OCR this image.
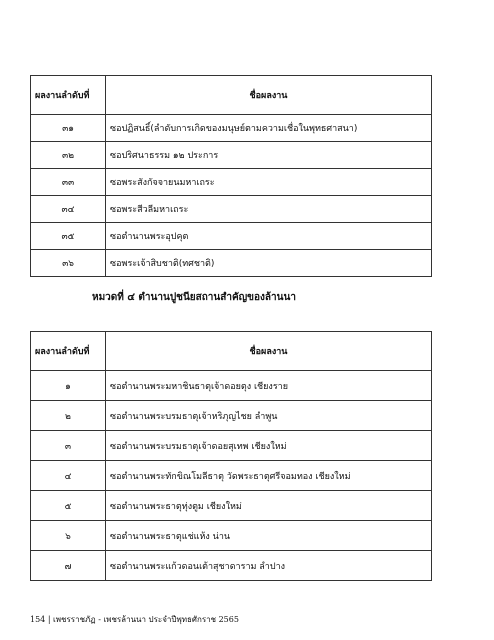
ผลงานลำดับที่	ชื่อผลงาน
๓๑	ซอปฏิสนธิ์(ลำดับการเกิดของมนุษย์ตามความเชื่อในพุทธศาสนา)
๓๒	ซอปริศนาธรรม ๑๒ ประการ
๓๓	ซอพระสังกัจจายนมหาเถระ
๓๔	ซอพระสีวลีมหาเถระ
๓๕	ซอตำนานพระอุปคุต
๓๖	ซอพระเจ้าสิบชาติ(ทศชาติ)
หมวดที่ ๔ ตำนานปูชนียสถานสำคัญของล้านนา
ผลงานลำดับที่	ชื่อผลงาน
๑	ซอตำนานพระมหาชินธาตุเจ้าดอยตุง เชียงราย
๒	ซอตำนานพระบรมธาตุเจ้าหริภุญไชย ลำพูน
๓	ซอตำนานพระบรมธาตุเจ้าดอยสุเทพ เชียงใหม่
๔	ซอตำนานพระทักขิณโมลีธาตุ วัดพระธาตุศรีจอมทอง เชียงใหม่
๕	ซอตำนานพระธาตุทุ่งตูม เชียงใหม่
๖	ซอตำนานพระธาตุแช่แห้ง น่าน
๗	ซอตำนานพระแก้วดอนเต้าสุชาดาราม ลำปาง
154 | เพชรราชภัฏ - เพชรล้านนา ประจำปีพุทธศักราช 2565
